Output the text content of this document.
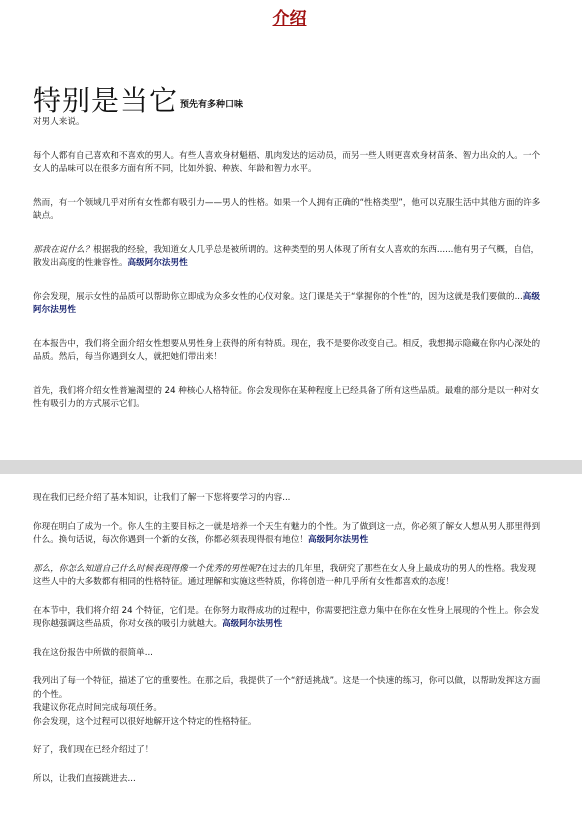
介绍
特别是当它 预先有多种口味

对男人来说。

每个人都有自己喜欢和不喜欢的男人。有些人喜欢身材魁梧、肌肉发达的运动员，而另一些人则更喜欢身材苗条、智力出众的人。一个女人的品味可以在很多方面有所不同，比如外貌、种族、年龄和智力水平。

然而，有一个领域几乎对所有女性都有吸引力——男人的性格。如果一个人拥有正确的“性格类型”，他可以克服生活中其他方面的许多缺点。

那我在说什么？根据我的经验，我知道女人几乎总是被所谓的。这种类型的男人体现了所有女人喜欢的东西......他有男子气概，自信，散发出高度的性兼容性。高级阿尔法男性

你会发现，展示女性的品质可以帮助你立即成为众多女性的心仪对象。这门课是关于“掌握你的个性”的，因为这就是我们要做的...高级阿尔法男性

在本报告中，我们将全面介绍女性想要从男性身上获得的所有特质。现在，我不是要你改变自己。相反，我想揭示隐藏在你内心深处的品质。然后，每当你遇到女人，就把她们带出来！

首先，我们将介绍女性普遍渴望的 24 种核心人格特征。你会发现你在某种程度上已经具备了所有这些品质。最难的部分是以一种对女性有吸引力的方式展示它们。

现在我们已经介绍了基本知识，让我们了解一下您将要学习的内容...

你现在明白了成为一个。你人生的主要目标之一就是培养一个天生有魅力的个性。为了做到这一点，你必须了解女人想从男人那里得到什么。换句话说，每次你遇到一个新的女孩，你都必须表现得很有地位！高级阿尔法男性

那么，你怎么知道自己什么时候表现得像一个优秀的男性呢?在过去的几年里，我研究了那些在女人身上最成功的男人的性格。我发现这些人中的大多数都有相同的性格特征。通过理解和实施这些特质，你将创造一种几乎所有女性都喜欢的态度！

在本节中，我们将介绍 24 个特征，它们是。在你努力取得成功的过程中，你需要把注意力集中在你在女性身上展现的个性上。你会发现你越强调这些品质，你对女孩的吸引力就越大。高级阿尔法男性

我在这份报告中所做的很简单...

我列出了每一个特征，描述了它的重要性。在那之后，我提供了一个“舒适挑战”。这是一个快速的练习，你可以做，以帮助发挥这方面的个性。

我建议你花点时间完成每项任务。

你会发现，这个过程可以很好地解开这个特定的性格特征。

好了，我们现在已经介绍过了！

所以，让我们直接跳进去...
